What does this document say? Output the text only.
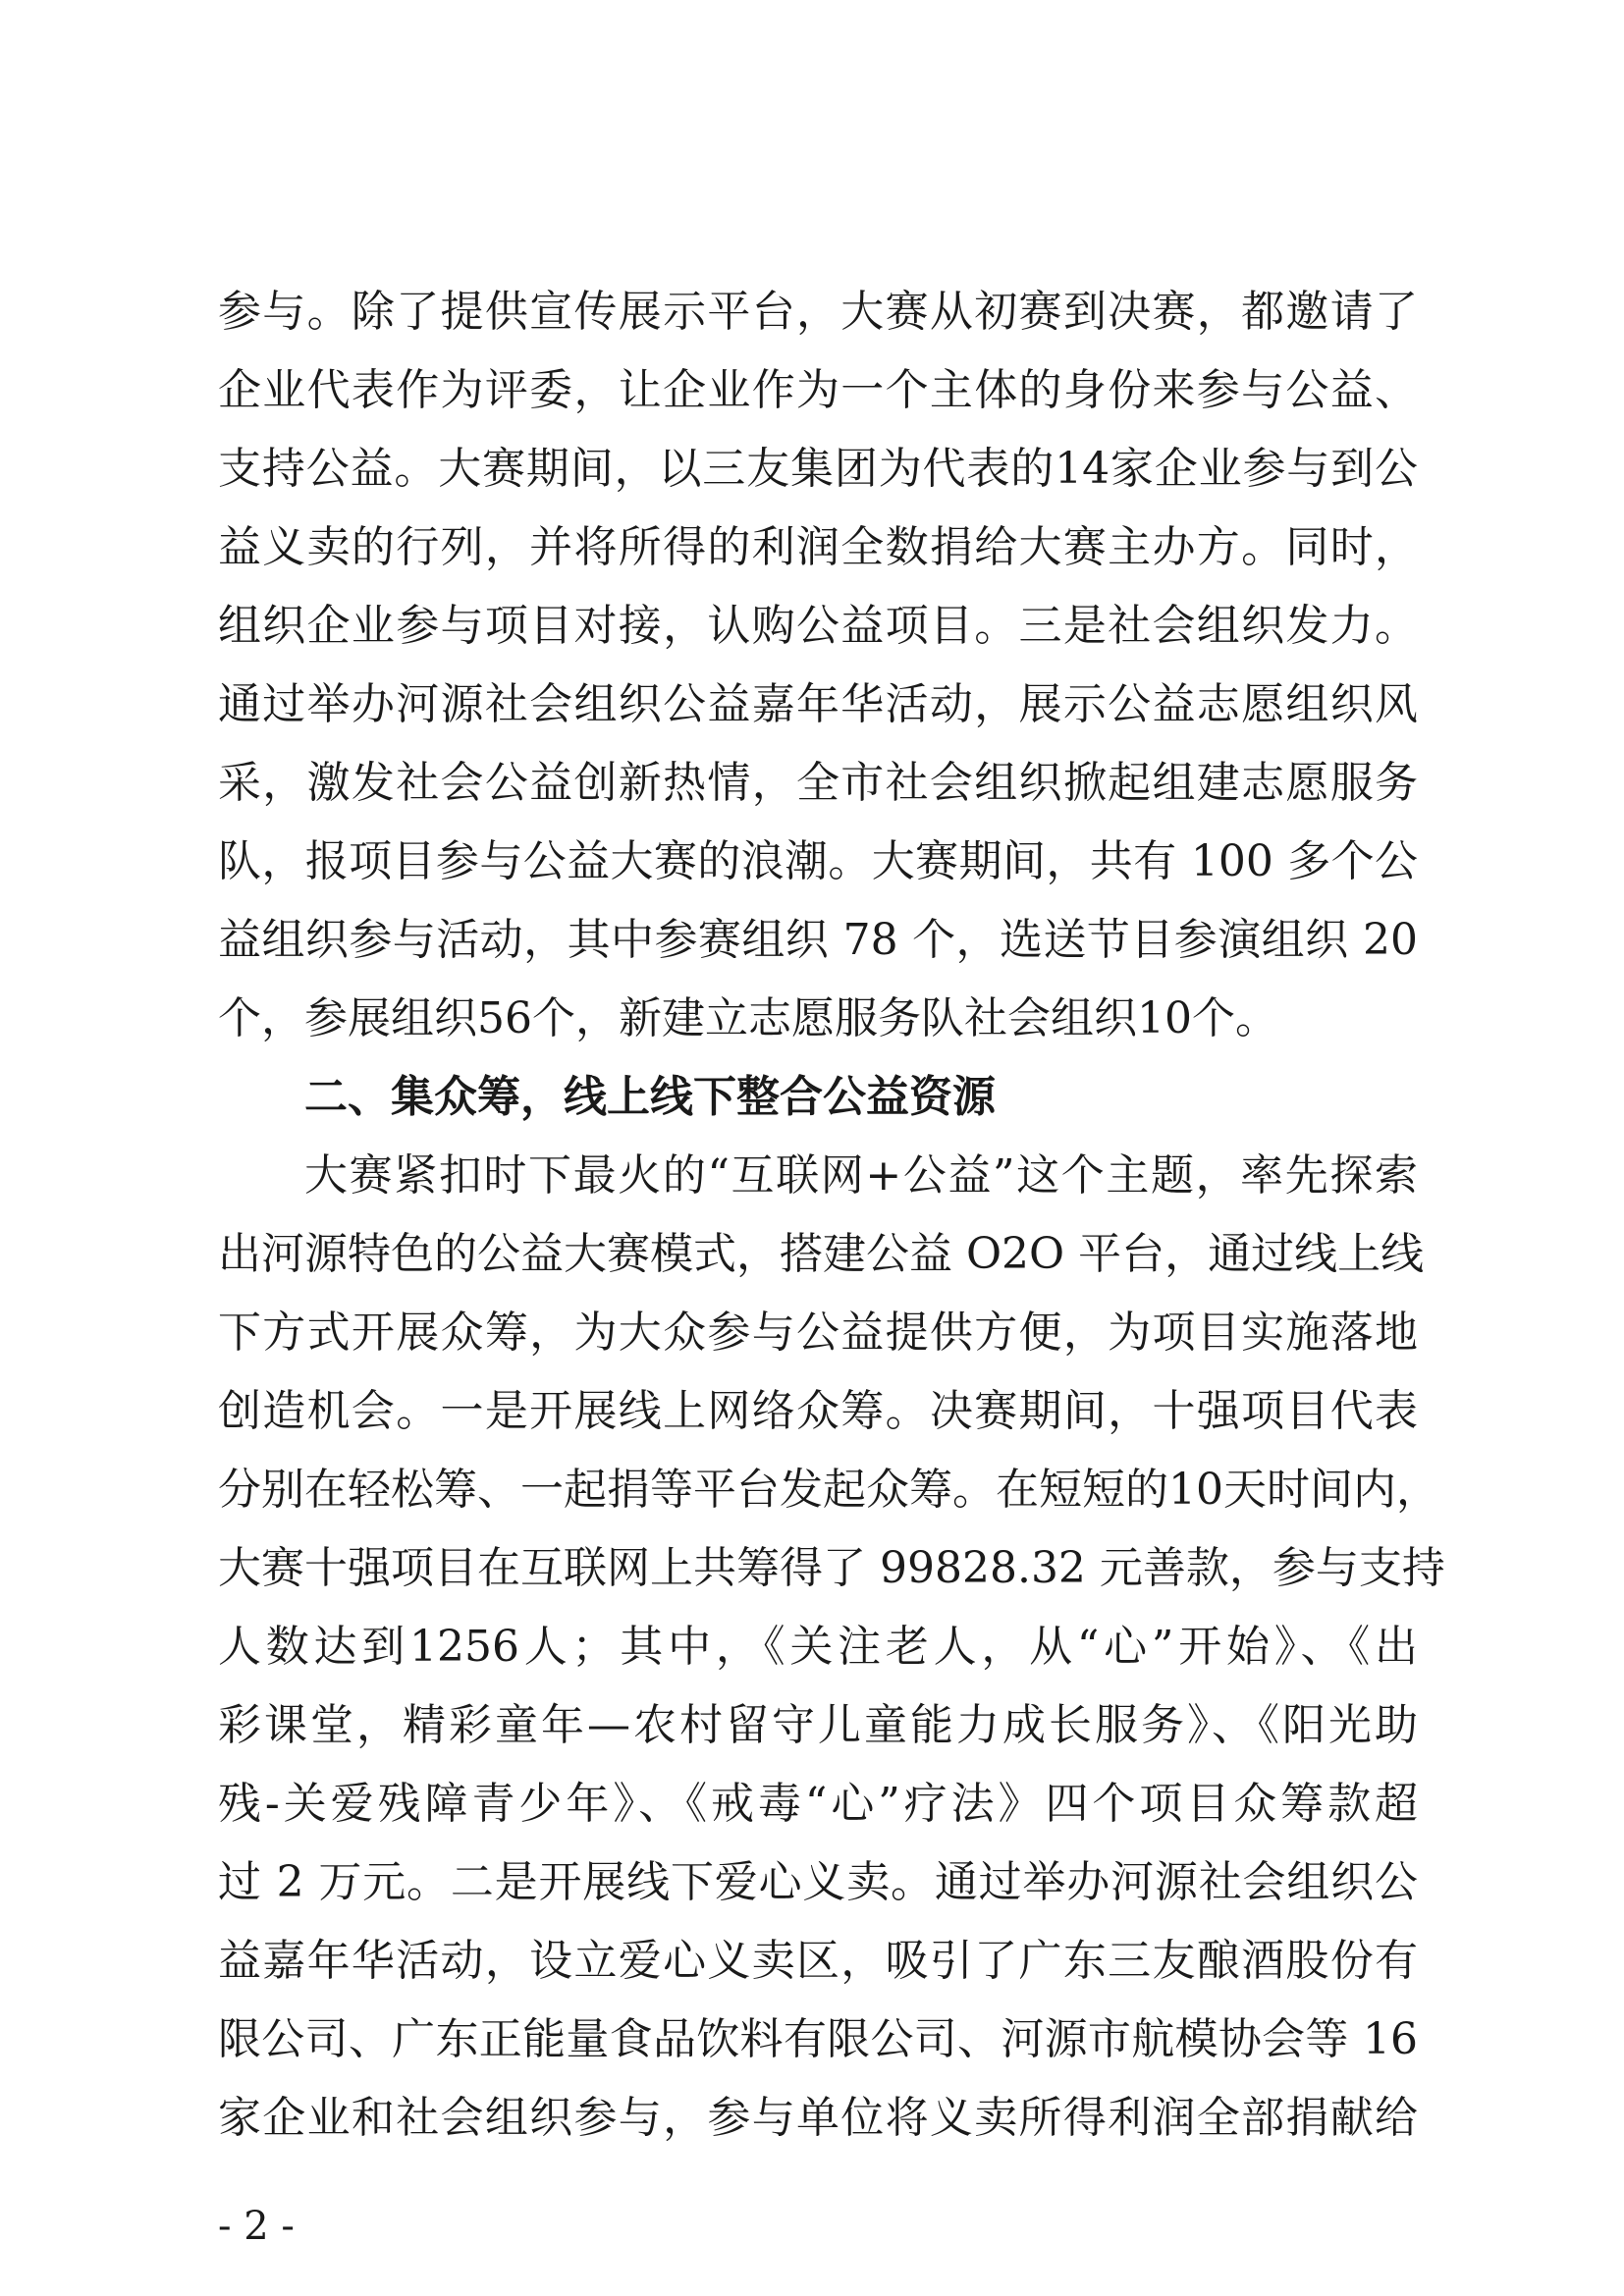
参与。除了提供宣传展示平台，大赛从初赛到决赛，都邀请了
企业代表作为评委，让企业作为一个主体的身份来参与公益、
支持公益。大赛期间，以三友集团为代表的14家企业参与到公
益义卖的行列，并将所得的利润全数捐给大赛主办方。同时，
组织企业参与项目对接，认购公益项目。三是社会组织发力。
通过举办河源社会组织公益嘉年华活动，展示公益志愿组织风
采，激发社会公益创新热情，全市社会组织掀起组建志愿服务
队，报项目参与公益大赛的浪潮。大赛期间，共有 100 多个公
益组织参与活动，其中参赛组织 78 个，选送节目参演组织 20
个，参展组织56个，新建立志愿服务队社会组织10个。
二、集众筹，线上线下整合公益资源
大赛紧扣时下最火的“互联网+公益”这个主题，率先探索
出河源特色的公益大赛模式，搭建公益 O2O 平台，通过线上线
下方式开展众筹，为大众参与公益提供方便，为项目实施落地
创造机会。一是开展线上网络众筹。决赛期间，十强项目代表
分别在轻松筹、一起捐等平台发起众筹。在短短的10天时间内，
大赛十强项目在互联网上共筹得了 99828.32 元善款，参与支持
人数达到1256人；其中，《关注老人，从“心”开始》、《出
彩课堂，精彩童年—农村留守儿童能力成长服务》、《阳光助
残-关爱残障青少年》、《戒毒“心”疗法》四个项目众筹款超
过 2 万元。二是开展线下爱心义卖。通过举办河源社会组织公
益嘉年华活动，设立爱心义卖区，吸引了广东三友酿酒股份有
限公司、广东正能量食品饮料有限公司、河源市航模协会等 16
家企业和社会组织参与，参与单位将义卖所得利润全部捐献给
- 2 -
